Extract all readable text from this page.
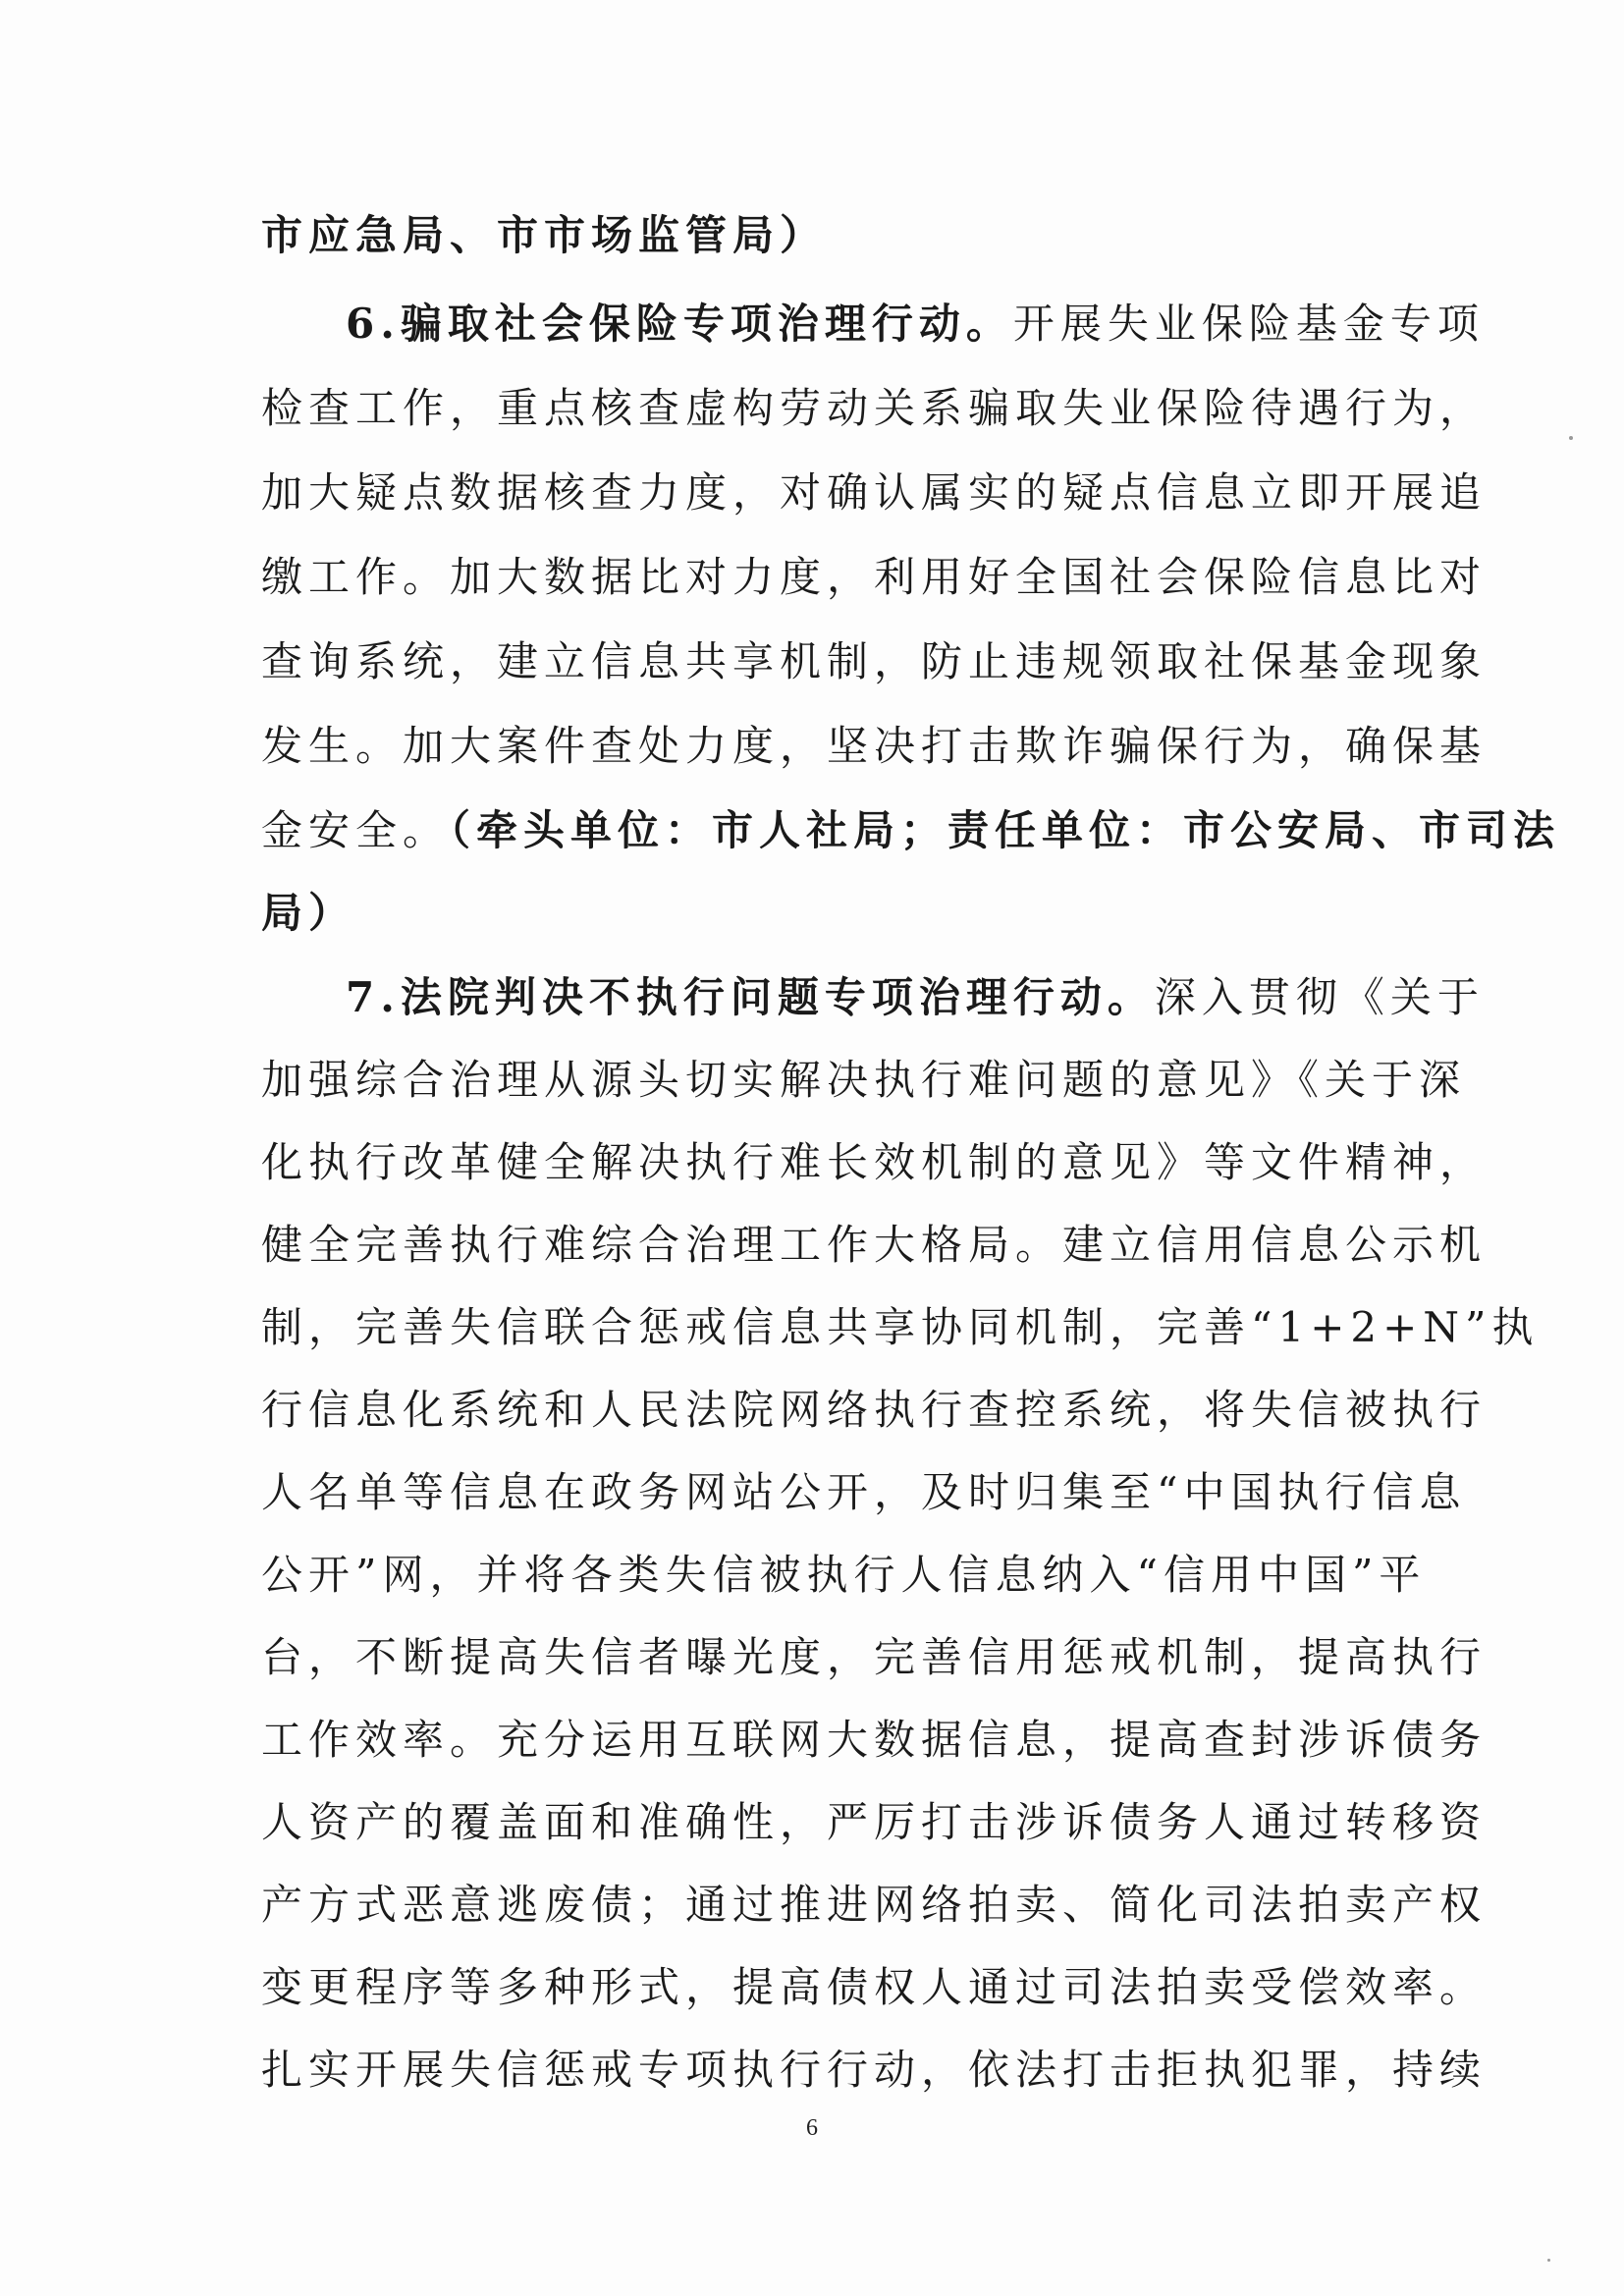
市应急局、市市场监管局）
6.骗取社会保险专项治理行动。开展失业保险基金专项
检查工作，重点核查虚构劳动关系骗取失业保险待遇行为，
加大疑点数据核查力度，对确认属实的疑点信息立即开展追
缴工作。加大数据比对力度，利用好全国社会保险信息比对
查询系统，建立信息共享机制，防止违规领取社保基金现象
发生。加大案件查处力度，坚决打击欺诈骗保行为，确保基
金安全。（牵头单位：市人社局；责任单位：市公安局、市司法
局）
7.法院判决不执行问题专项治理行动。深入贯彻《关于
加强综合治理从源头切实解决执行难问题的意见》《关于深
化执行改革健全解决执行难长效机制的意见》等文件精神，
健全完善执行难综合治理工作大格局。建立信用信息公示机
制，完善失信联合惩戒信息共享协同机制，完善“1+2+N”执
行信息化系统和人民法院网络执行查控系统，将失信被执行
人名单等信息在政务网站公开，及时归集至“中国执行信息
公开”网，并将各类失信被执行人信息纳入“信用中国”平
台，不断提高失信者曝光度，完善信用惩戒机制，提高执行
工作效率。充分运用互联网大数据信息，提高查封涉诉债务
人资产的覆盖面和准确性，严厉打击涉诉债务人通过转移资
产方式恶意逃废债；通过推进网络拍卖、简化司法拍卖产权
变更程序等多种形式，提高债权人通过司法拍卖受偿效率。
扎实开展失信惩戒专项执行行动，依法打击拒执犯罪，持续
6
